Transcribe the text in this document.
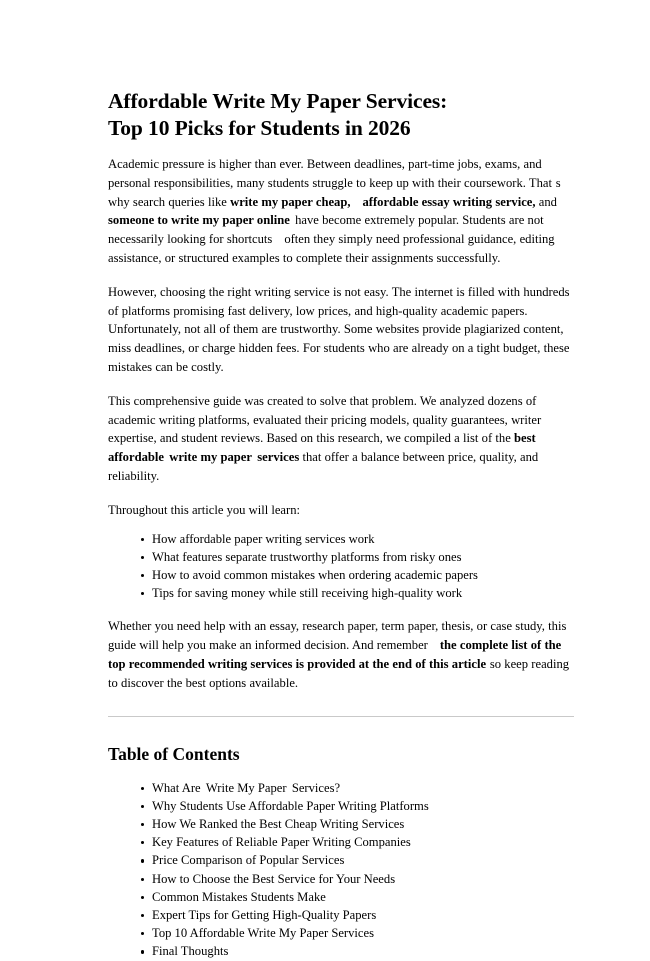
Affordable Write My Paper Services:
Top 10 Picks for Students in 2026

Academic pressure is higher than ever. Between deadlines, part-time jobs, exams, and personal responsibilities, many students struggle to keep up with their coursework. That s why search queries like write my paper cheap, affordable essay writing service, and someone to write my paper online have become extremely popular. Students are not necessarily looking for shortcuts often they simply need professional guidance, editing assistance, or structured examples to complete their assignments successfully.

However, choosing the right writing service is not easy. The internet is filled with hundreds of platforms promising fast delivery, low prices, and high-quality academic papers. Unfortunately, not all of them are trustworthy. Some websites provide plagiarized content, miss deadlines, or charge hidden fees. For students who are already on a tight budget, these mistakes can be costly.

This comprehensive guide was created to solve that problem. We analyzed dozens of academic writing platforms, evaluated their pricing models, quality guarantees, writer expertise, and student reviews. Based on this research, we compiled a list of the best affordable write my paper services that offer a balance between price, quality, and reliability.

Throughout this article you will learn:

How affordable paper writing services work
What features separate trustworthy platforms from risky ones
How to avoid common mistakes when ordering academic papers
Tips for saving money while still receiving high-quality work

Whether you need help with an essay, research paper, term paper, thesis, or case study, this guide will help you make an informed decision. And remember the complete list of the top recommended writing services is provided at the end of this article so keep reading to discover the best options available.

Table of Contents
What Are Write My Paper Services?
Why Students Use Affordable Paper Writing Platforms
How We Ranked the Best Cheap Writing Services
Key Features of Reliable Paper Writing Companies
Price Comparison of Popular Services
How to Choose the Best Service for Your Needs
Common Mistakes Students Make
Expert Tips for Getting High-Quality Papers
Top 10 Affordable Write My Paper Services
Final Thoughts
